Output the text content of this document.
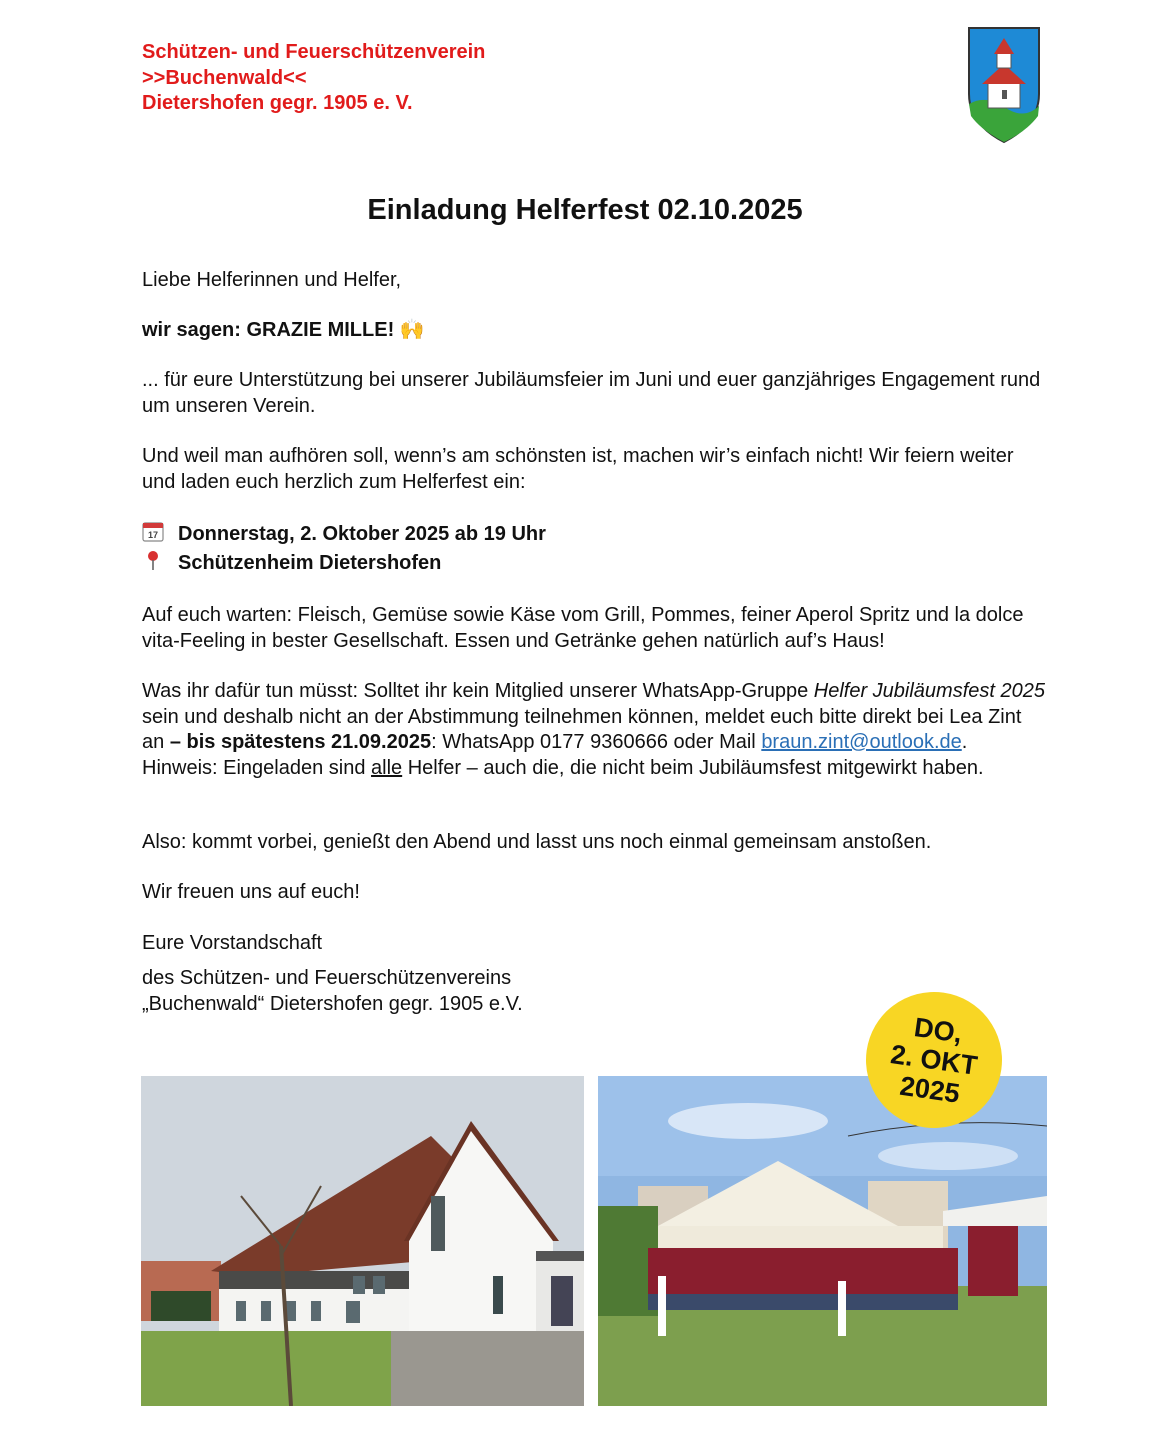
Schützen- und Feuerschützenverein
>>Buchenwald<<
Dietershofen gegr. 1905 e. V.
Einladung Helferfest 02.10.2025
Liebe Helferinnen und Helfer,
wir sagen: GRAZIE MILLE! 🙌
... für eure Unterstützung bei unserer Jubiläumsfeier im Juni und euer ganzjähriges Engagement rund um unseren Verein.
Und weil man aufhören soll, wenn’s am schönsten ist, machen wir’s einfach nicht! Wir feiern weiter und laden euch herzlich zum Helferfest ein:
17 Donnerstag, 2. Oktober 2025 ab 19 Uhr
Schützenheim Dietershofen
Auf euch warten: Fleisch, Gemüse sowie Käse vom Grill, Pommes, feiner Aperol Spritz und la dolce vita-Feeling in bester Gesellschaft. Essen und Getränke gehen natürlich auf’s Haus!
Was ihr dafür tun müsst: Solltet ihr kein Mitglied unserer WhatsApp-Gruppe Helfer Jubiläumsfest 2025 sein und deshalb nicht an der Abstimmung teilnehmen können, meldet euch bitte direkt bei Lea Zint an – bis spätestens 21.09.2025: WhatsApp 0177 9360666 oder Mail braun.zint@outlook.de. Hinweis: Eingeladen sind alle Helfer – auch die, die nicht beim Jubiläumsfest mitgewirkt haben.
Also: kommt vorbei, genießt den Abend und lasst uns noch einmal gemeinsam anstoßen.
Wir freuen uns auf euch!
Eure Vorstandschaft
des Schützen- und Feuerschützenvereins
„Buchenwald“ Dietershofen gegr. 1905 e.V.
DO,
2. OKT
2025
